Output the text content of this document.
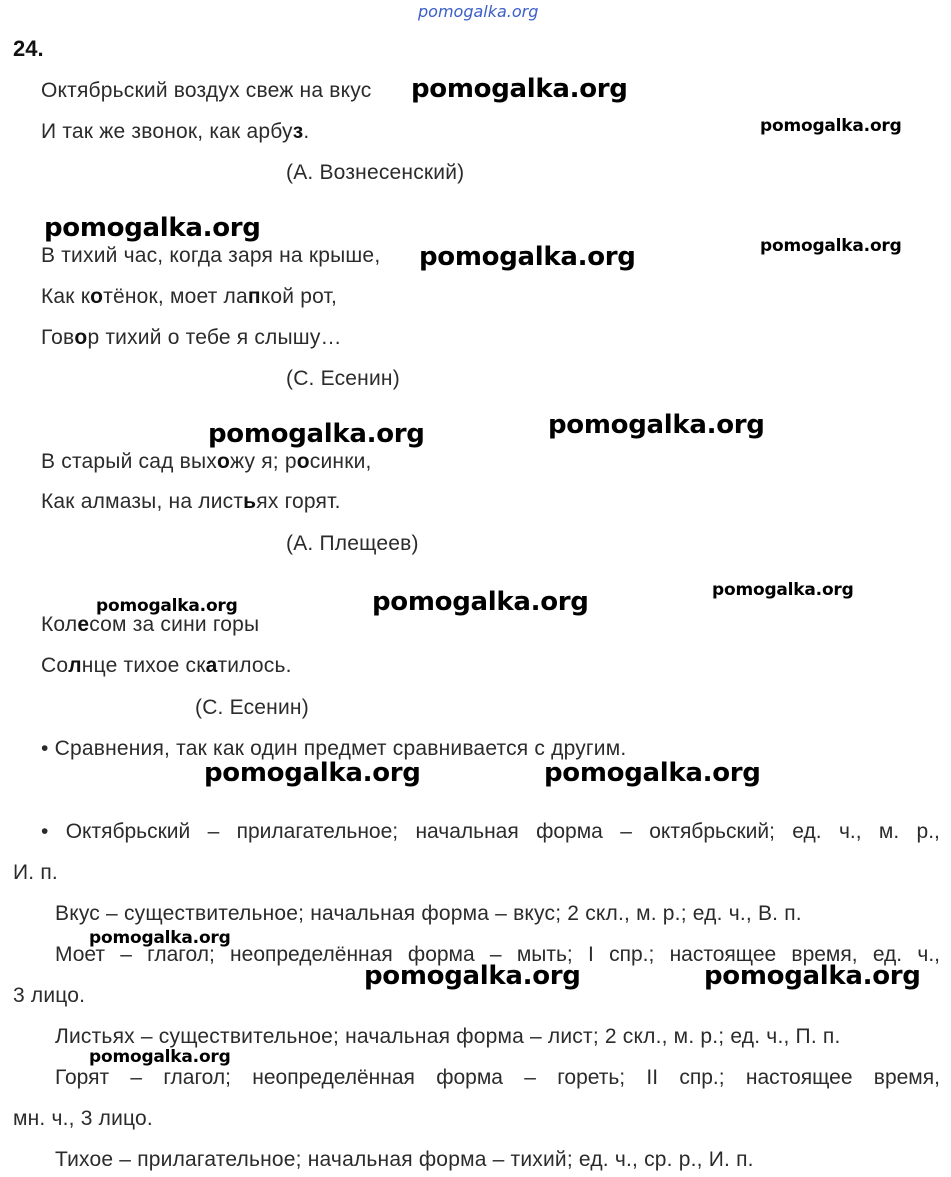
pomogalka.org
24.
Октябрьский воздух свеж на вкус
И так же звонок, как арбуз.
(А. Вознесенский)
В тихий час, когда заря на крыше,
Как котёнок, моет лапкой рот,
Говор тихий о тебе я слышу…
(С. Есенин)
В старый сад выхожу я; росинки,
Как алмазы, на листьях горят.
(А. Плещеев)
Колесом за сини горы
Солнце тихое скатилось.
(С. Есенин)
• Сравнения, так как один предмет сравнивается с другим.
• Октябрьский – прилагательное; начальная форма – октябрьский; ед. ч., м. р.,
И. п.
Вкус – существительное; начальная форма – вкус; 2 скл., м. р.; ед. ч., В. п.
Моет – глагол; неопределённая форма – мыть; I спр.; настоящее время, ед. ч.,
3 лицо.
Листьях – существительное; начальная форма – лист; 2 скл., м. р.; ед. ч., П. п.
Горят – глагол; неопределённая форма – гореть; II спр.; настоящее время,
мн. ч., 3 лицо.
Тихое – прилагательное; начальная форма – тихий; ед. ч., ср. р., И. п.
pomogalka.org
pomogalka.org
pomogalka.org
pomogalka.org	pomogalka.org
pomogalka.org	pomogalka.org
pomogalka.org
pomogalka.org	pomogalka.org
pomogalka.org	pomogalka.org
pomogalka.org
pomogalka.org	pomogalka.org
pomogalka.org
